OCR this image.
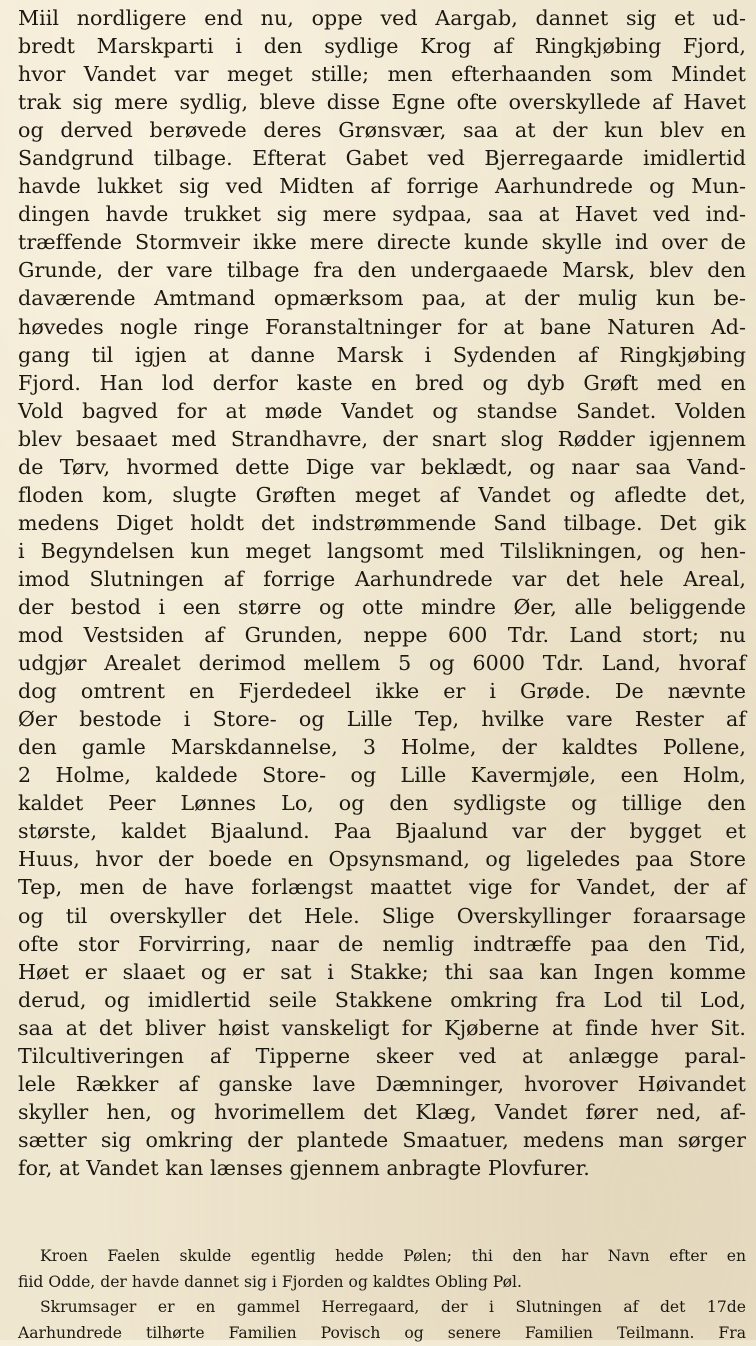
Miil nordligere end nu, oppe ved Aargab, dannet sig et ud-
bredt Marskparti i den sydlige Krog af Ringkjøbing Fjord,
hvor Vandet var meget stille; men efterhaanden som Mindet
trak sig mere sydlig, bleve disse Egne ofte overskyllede af Havet
og derved berøvede deres Grønsvær, saa at der kun blev en
Sandgrund tilbage. Efterat Gabet ved Bjerregaarde imidlertid
havde lukket sig ved Midten af forrige Aarhundrede og Mun-
dingen havde trukket sig mere sydpaa, saa at Havet ved ind-
træffende Stormveir ikke mere directe kunde skylle ind over de
Grunde, der vare tilbage fra den undergaaede Marsk, blev den
daværende Amtmand opmærksom paa, at der mulig kun be-
høvedes nogle ringe Foranstaltninger for at bane Naturen Ad-
gang til igjen at danne Marsk i Sydenden af Ringkjøbing
Fjord. Han lod derfor kaste en bred og dyb Grøft med en
Vold bagved for at møde Vandet og standse Sandet. Volden
blev besaaet med Strandhavre, der snart slog Rødder igjennem
de Tørv, hvormed dette Dige var beklædt, og naar saa Vand-
floden kom, slugte Grøften meget af Vandet og afledte det,
medens Diget holdt det indstrømmende Sand tilbage. Det gik
i Begyndelsen kun meget langsomt med Tilslikningen, og hen-
imod Slutningen af forrige Aarhundrede var det hele Areal,
der bestod i een større og otte mindre Øer, alle beliggende
mod Vestsiden af Grunden, neppe 600 Tdr. Land stort; nu
udgjør Arealet derimod mellem 5 og 6000 Tdr. Land, hvoraf
dog omtrent en Fjerdedeel ikke er i Grøde. De nævnte
Øer bestode i Store- og Lille Tep, hvilke vare Rester af
den gamle Marskdannelse, 3 Holme, der kaldtes Pollene,
2 Holme, kaldede Store- og Lille Kavermjøle, een Holm,
kaldet Peer Lønnes Lo, og den sydligste og tillige den
største, kaldet Bjaalund. Paa Bjaalund var der bygget et
Huus, hvor der boede en Opsynsmand, og ligeledes paa Store
Tep, men de have forlængst maattet vige for Vandet, der af
og til overskyller det Hele. Slige Overskyllinger foraarsage
ofte stor Forvirring, naar de nemlig indtræffe paa den Tid,
Høet er slaaet og er sat i Stakke; thi saa kan Ingen komme
derud, og imidlertid seile Stakkene omkring fra Lod til Lod,
saa at det bliver høist vanskeligt for Kjøberne at finde hver Sit.
Tilcultiveringen af Tipperne skeer ved at anlægge paral-
lele Rækker af ganske lave Dæmninger, hvorover Høivandet
skyller hen, og hvorimellem det Klæg, Vandet fører ned, af-
sætter sig omkring der plantede Smaatuer, medens man sørger
for, at Vandet kan lænses gjennem anbragte Plovfurer.
Kroen Faelen skulde egentlig hedde Pølen; thi den har Navn efter en
fiid Odde, der havde dannet sig i Fjorden og kaldtes Obling Pøl.
Skrumsager er en gammel Herregaard, der i Slutningen af det 17de
Aarhundrede tilhørte Familien Povisch og senere Familien Teilmann. Fra
